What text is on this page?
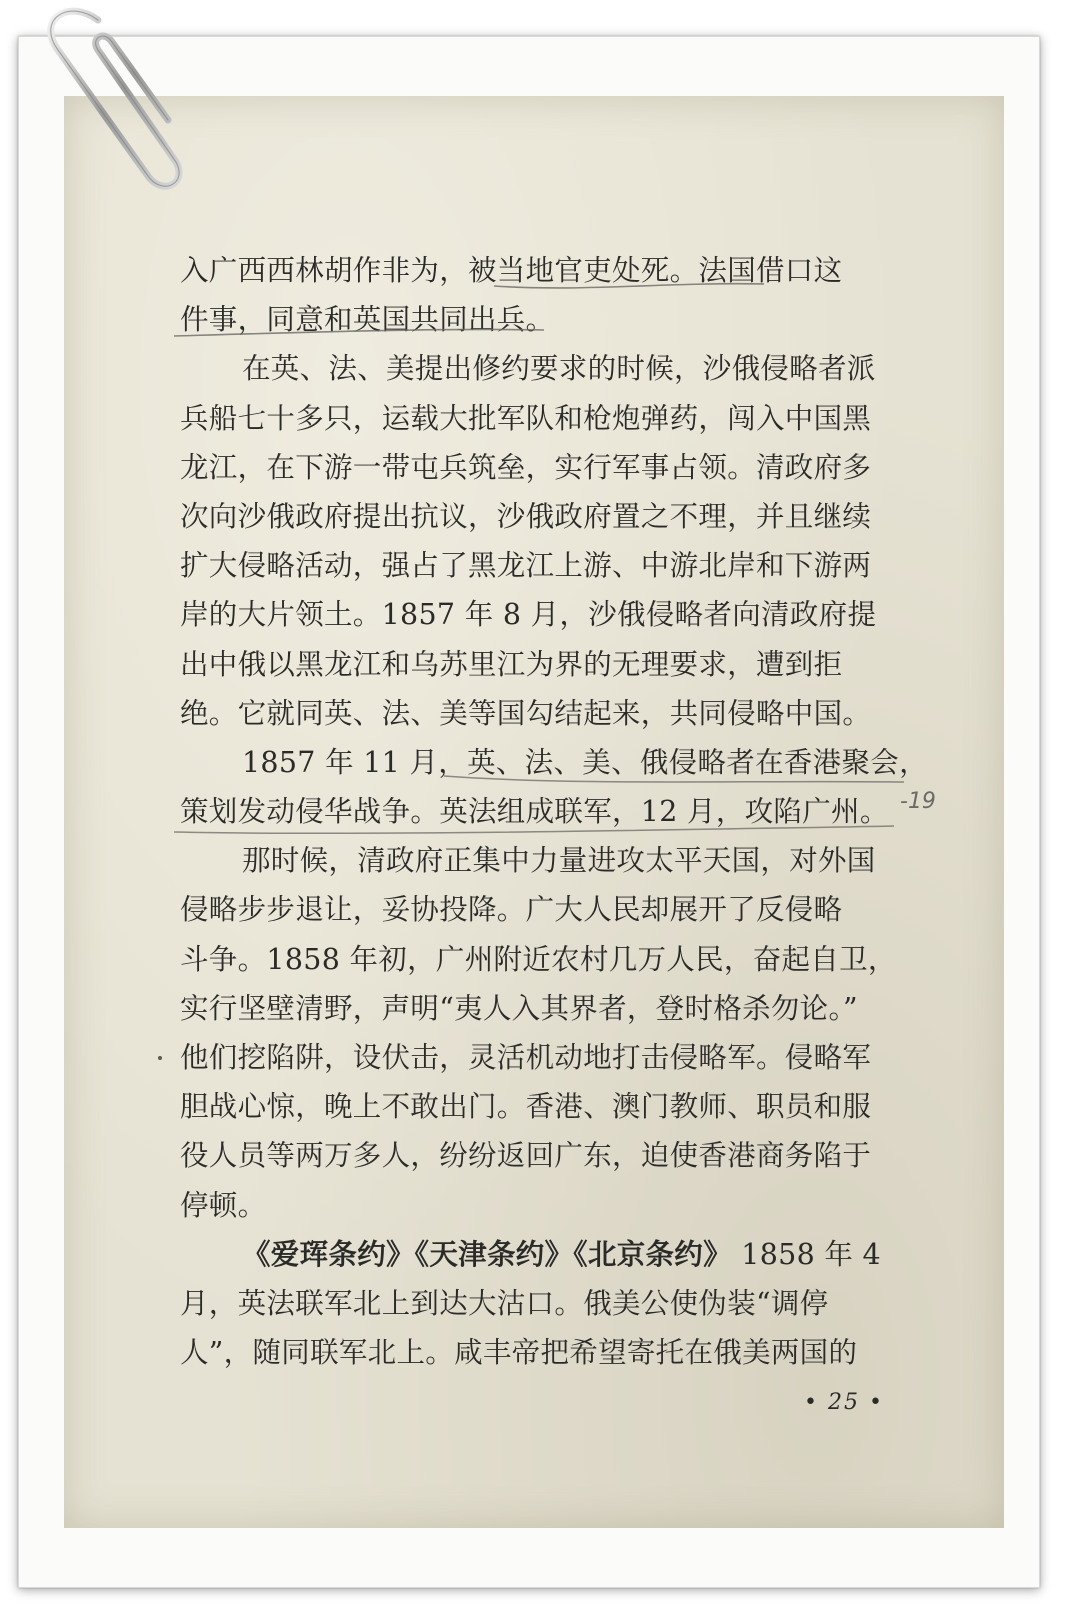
入广西西林胡作非为，被当地官吏处死。法国借口这
件事，同意和英国共同出兵。
在英、法、美提出修约要求的时候，沙俄侵略者派
兵船七十多只，运载大批军队和枪炮弹药，闯入中国黑
龙江，在下游一带屯兵筑垒，实行军事占领。清政府多
次向沙俄政府提出抗议，沙俄政府置之不理，并且继续
扩大侵略活动，强占了黑龙江上游、中游北岸和下游两
岸的大片领土。1857 年 8 月，沙俄侵略者向清政府提
出中俄以黑龙江和乌苏里江为界的无理要求，遭到拒
绝。它就同英、法、美等国勾结起来，共同侵略中国。
1857 年 11 月，英、法、美、俄侵略者在香港聚会，
策划发动侵华战争。英法组成联军，12 月，攻陷广州。
那时候，清政府正集中力量进攻太平天国，对外国
侵略步步退让，妥协投降。广大人民却展开了反侵略
斗争。1858 年初，广州附近农村几万人民，奋起自卫，
实行坚壁清野，声明“夷人入其界者，登时格杀勿论。”
他们挖陷阱，设伏击，灵活机动地打击侵略军。侵略军
胆战心惊，晚上不敢出门。香港、澳门教师、职员和服
役人员等两万多人，纷纷返回广东，迫使香港商务陷于
停顿。
《爱珲条约》《天津条约》《北京条约》 1858 年 4
月，英法联军北上到达大沽口。俄美公使伪装“调停
人”，随同联军北上。咸丰帝把希望寄托在俄美两国的
-19
• 25 •
